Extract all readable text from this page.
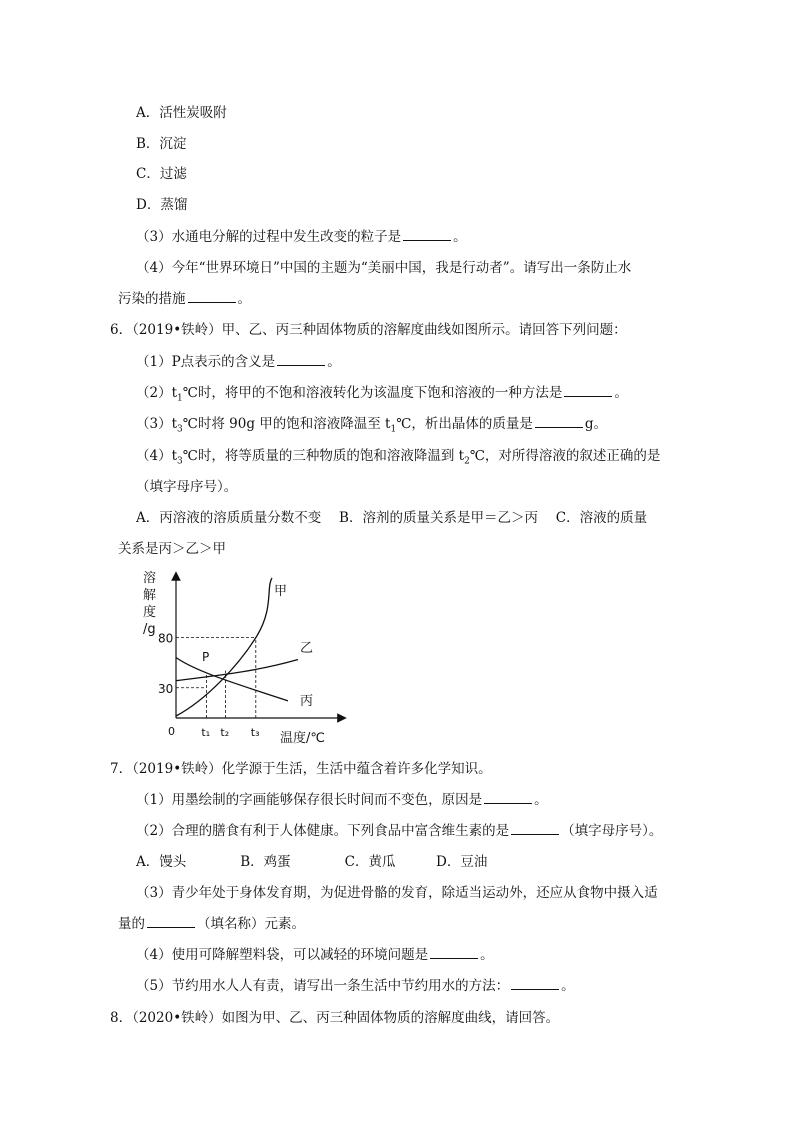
A．活性炭吸附
B．沉淀
C．过滤
D．蒸馏
（3）水通电分解的过程中发生改变的粒子是	。
（4）今年“世界环境日”中国的主题为“美丽中国，我是行动者”。请写出一条防止水
污染的措施	。
6．（2019•铁岭）甲、乙、丙三种固体物质的溶解度曲线如图所示。请回答下列问题：
（1）P点表示的含义是	。
$(2)t_1℃$时，将甲的不饱和溶液转化为该温度下饱和溶液的一种方法是	。
$(3)t_3℃$时将 90g 甲的饱和溶液降温至 $t_1℃$，析出晶体的质量是	g。
$(4)t_3℃$时，将等质量的三种物质的饱和溶液降温到 $t_2℃$，对所得溶液的叙述正确的是
（填字母序号）。
A．丙溶液的溶质质量分数不变　 B．溶剂的质量关系是甲＝乙＞丙　 C．溶液的质量
关系是丙＞乙＞甲
溶
解
度
/g
0
80
30
t₁ t₂ t₃ 温度/℃
甲
乙
丙
P
7．（2019•铁岭）化学源于生活，生活中蕴含着许多化学知识。
（1）用墨绘制的字画能够保存很长时间而不变色，原因是	。
（2）合理的膳食有利于人体健康。下列食品中富含维生素的是	（填字母序号）。
A．馒头　　　　B．鸡蛋　　　　C．黄瓜　　　D．豆油
（3）青少年处于身体发育期，为促进骨骼的发育，除适当运动外，还应从食物中摄入适
量的	（填名称）元素。
（4）使用可降解塑料袋，可以减轻的环境问题是	。
（5）节约用水人人有责，请写出一条生活中节约用水的方法：	。
8．（2020•铁岭）如图为甲、乙、丙三种固体物质的溶解度曲线，请回答。
